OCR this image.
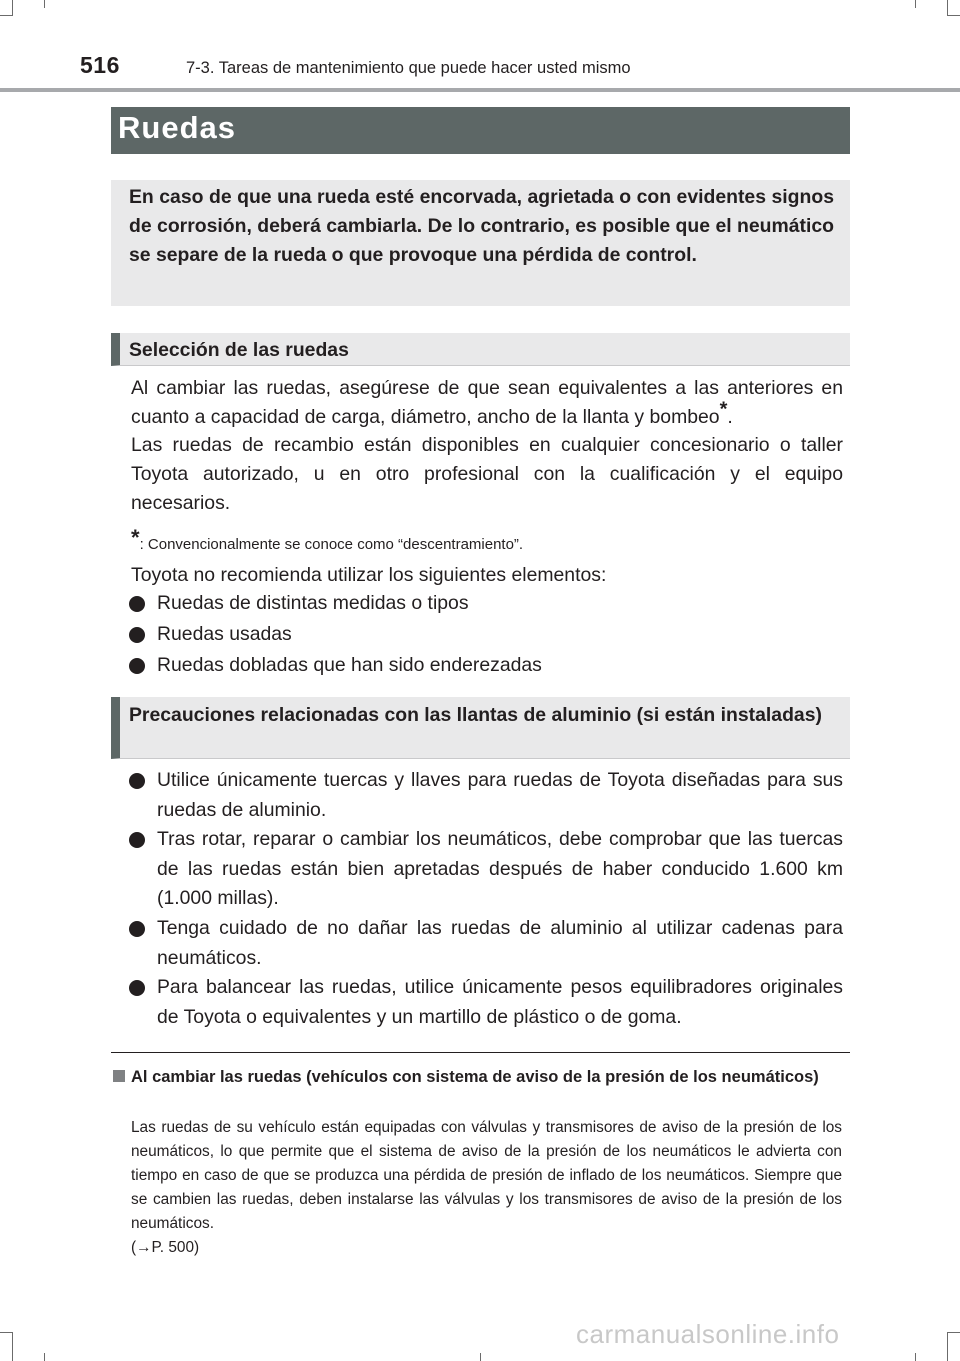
516	7-3. Tareas de mantenimiento que puede hacer usted mismo
Ruedas
En caso de que una rueda esté encorvada, agrietada o con evidentes signos de corrosión, deberá cambiarla. De lo contrario, es posible que el neumático se separe de la rueda o que provoque una pérdida de control.
Selección de las ruedas
Al cambiar las ruedas, asegúrese de que sean equivalentes a las anteriores en cuanto a capacidad de carga, diámetro, ancho de la llanta y bombeo*.
Las ruedas de recambio están disponibles en cualquier concesionario o taller Toyota autorizado, u en otro profesional con la cualificación y el equipo necesarios.
*: Convencionalmente se conoce como “descentramiento”.
Toyota no recomienda utilizar los siguientes elementos:
Ruedas de distintas medidas o tipos
Ruedas usadas
Ruedas dobladas que han sido enderezadas
Precauciones relacionadas con las llantas de aluminio (si están instaladas)
Utilice únicamente tuercas y llaves para ruedas de Toyota diseñadas para sus ruedas de aluminio.
Tras rotar, reparar o cambiar los neumáticos, debe comprobar que las tuercas de las ruedas están bien apretadas después de haber conducido 1.600 km (1.000 millas).
Tenga cuidado de no dañar las ruedas de aluminio al utilizar cadenas para neumáticos.
Para balancear las ruedas, utilice únicamente pesos equilibradores originales de Toyota o equivalentes y un martillo de plástico o de goma.
Al cambiar las ruedas (vehículos con sistema de aviso de la presión de los neumáticos)
Las ruedas de su vehículo están equipadas con válvulas y transmisores de aviso de la presión de los neumáticos, lo que permite que el sistema de aviso de la presión de los neumáticos le advierta con tiempo en caso de que se produzca una pérdida de presión de inflado de los neumáticos. Siempre que se cambien las ruedas, deben instalarse las válvulas y los transmisores de aviso de la presión de los neumáticos.
(→P. 500)
carmanualsonline.info
